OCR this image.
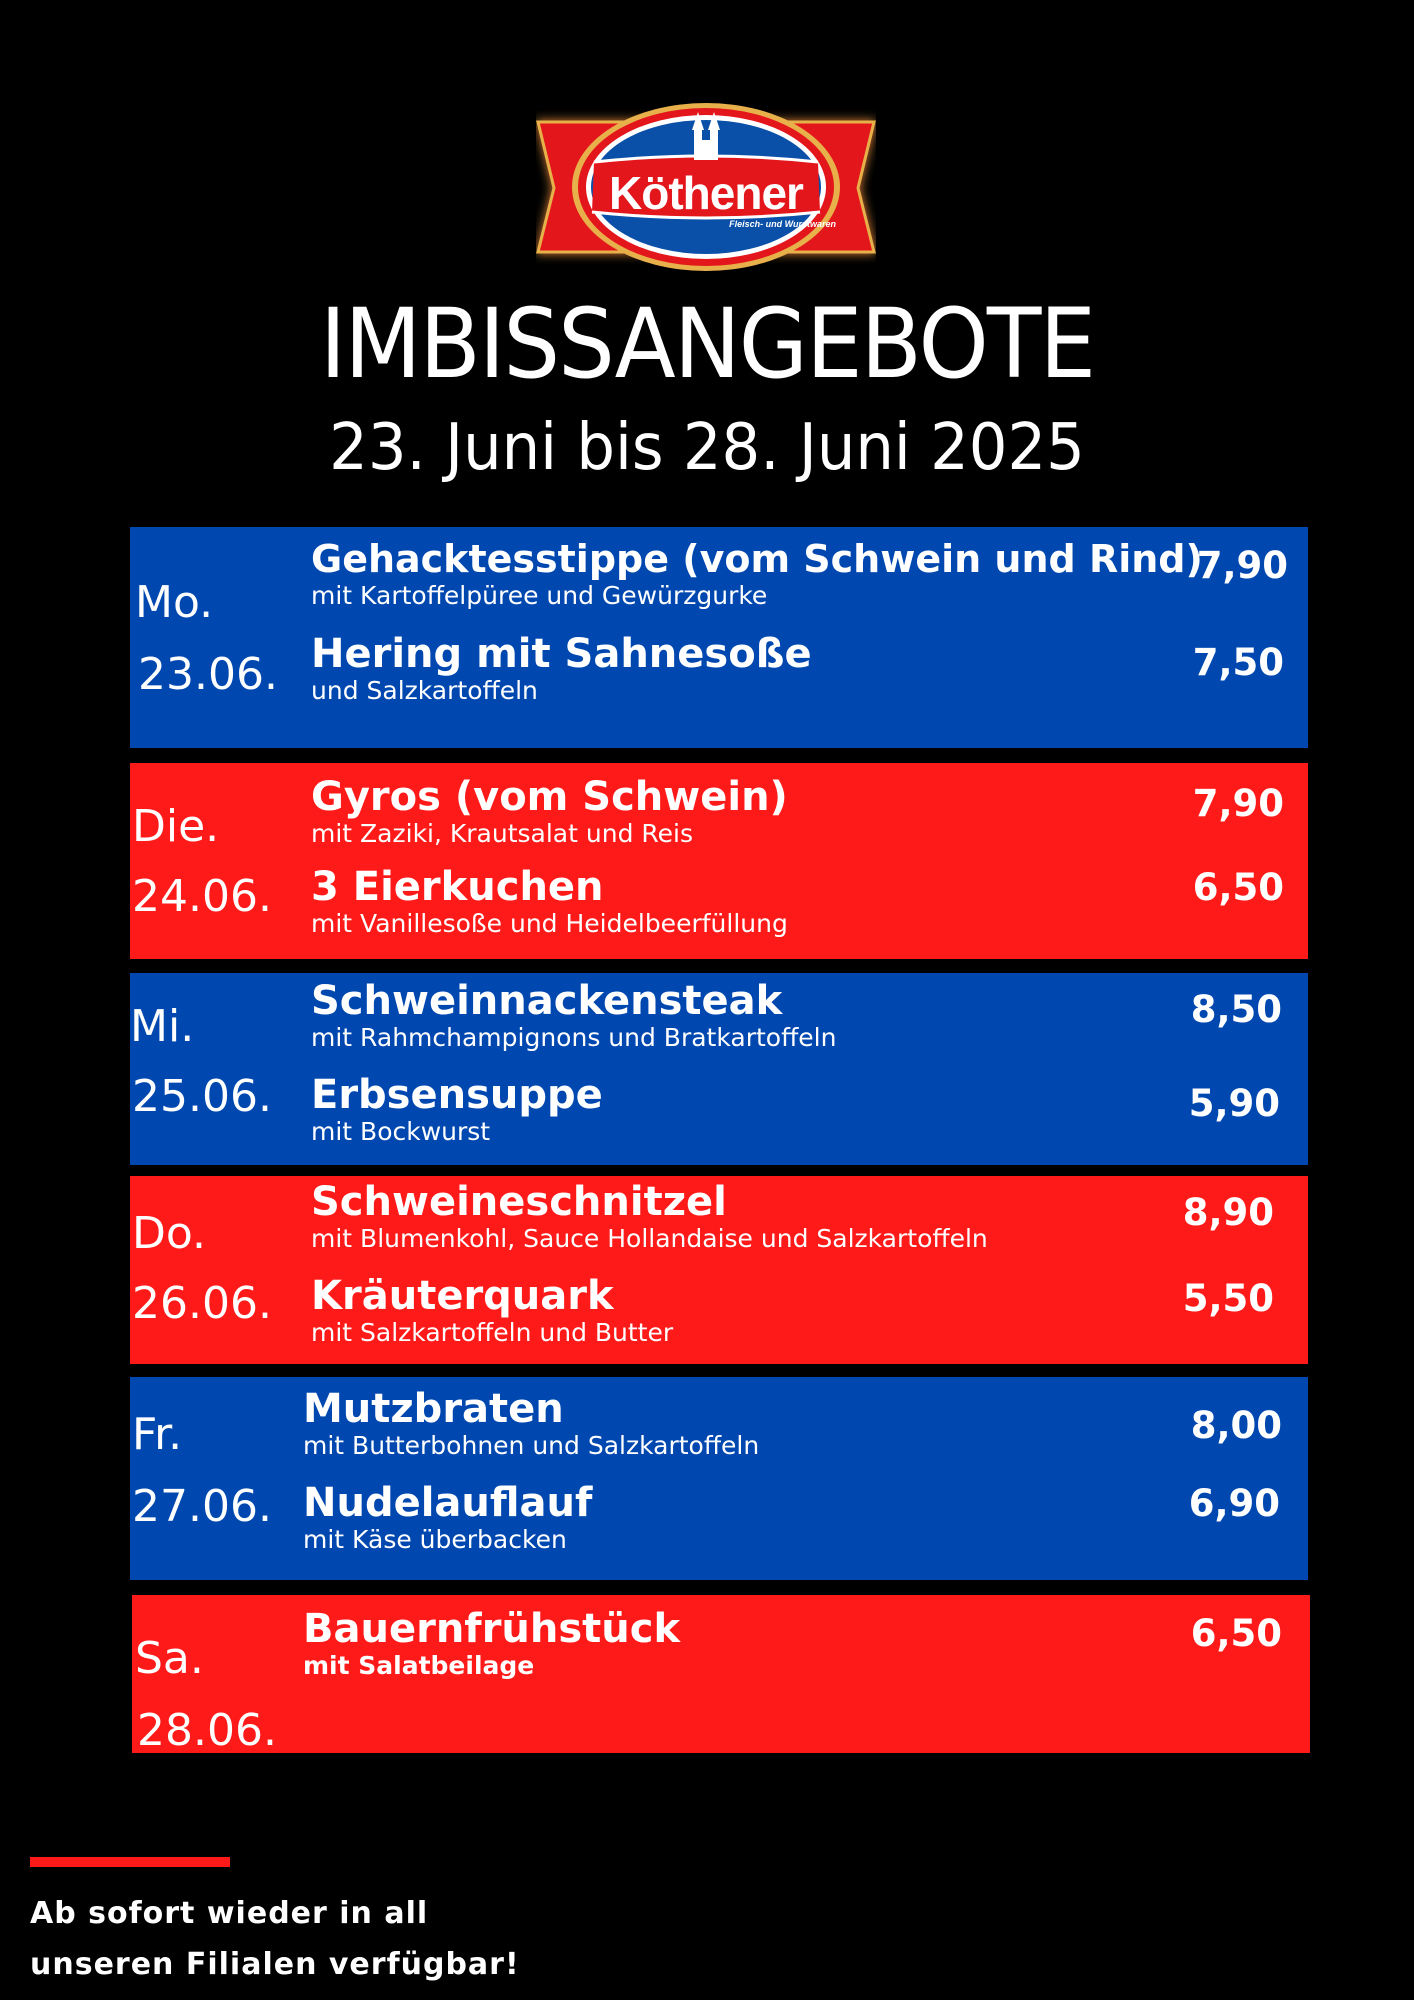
Köthener
Fleisch- und Wurstwaren
IMBISSANGEBOTE
23. Juni bis 28. Juni 2025
Mo.
23.06.
Gehacktesstippe (vom Schwein und Rind)
mit Kartoffelpüree und Gewürzgurke
7,90
Hering mit Sahnesoße
und Salzkartoffeln
7,50
Die.
24.06.
Gyros (vom Schwein)
mit Zaziki, Krautsalat und Reis
7,90
3 Eierkuchen
mit Vanillesoße und Heidelbeerfüllung
6,50
Mi.
25.06.
Schweinnackensteak
mit Rahmchampignons und Bratkartoffeln
8,50
Erbsensuppe
mit Bockwurst
5,90
Do.
26.06.
Schweineschnitzel
mit Blumenkohl, Sauce Hollandaise und Salzkartoffeln
8,90
Kräuterquark
mit Salzkartoffeln und Butter
5,50
Fr.
27.06.
Mutzbraten
mit Butterbohnen und Salzkartoffeln	8,00
Nudelauflauf
mit Käse überbacken
6,90
Sa.
28.06.
Bauernfrühstück
mit Salatbeilage
6,50
Ab sofort wieder in all
unseren Filialen verfügbar!
